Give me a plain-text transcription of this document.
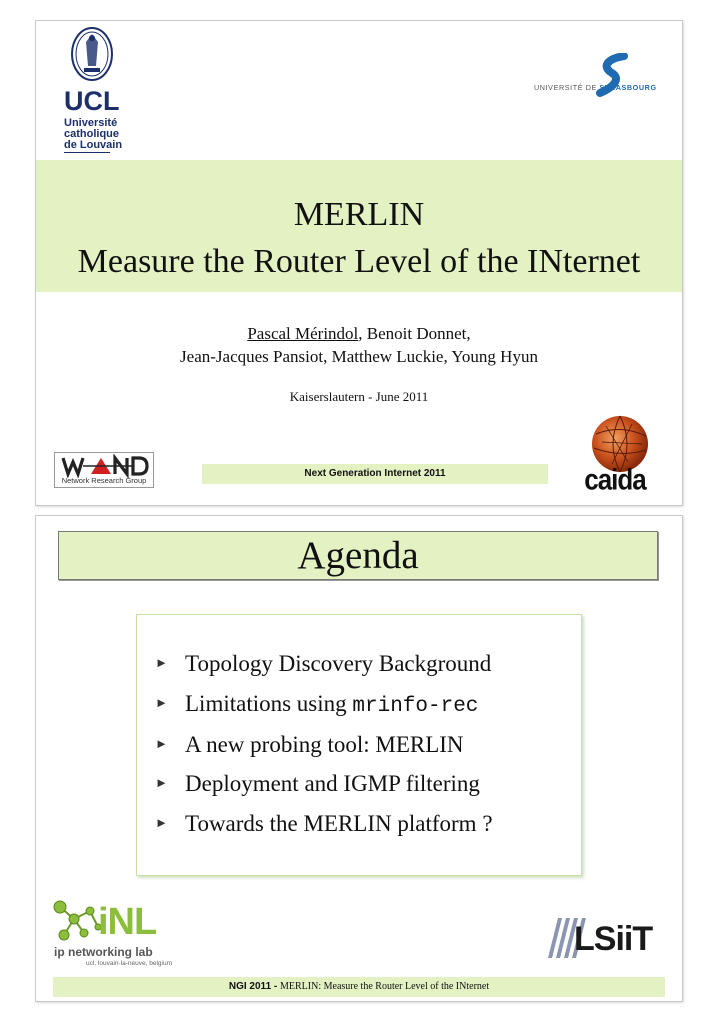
UCL
Université
catholique
de Louvain
UNIVERSITÉ DE STRASBOURG
MERLIN
Measure the Router Level of the INternet
Pascal Mérindol, Benoit Donnet,
Jean-Jacques Pansiot, Matthew Luckie, Young Hyun
Kaiserslautern - June 2011
Network Research Group
Next Generation Internet 2011	caida
Agenda
► Topology Discovery Background
► Limitations using mrinfo-rec
► A new probing tool: MERLIN
► Deployment and IGMP filtering
► Towards the MERLIN platform ?
iNL
ip networking lab
ucl, louvain-la-neuve, belgium
LSiiT
NGI 2011 - MERLIN: Measure the Router Level of the INternet
